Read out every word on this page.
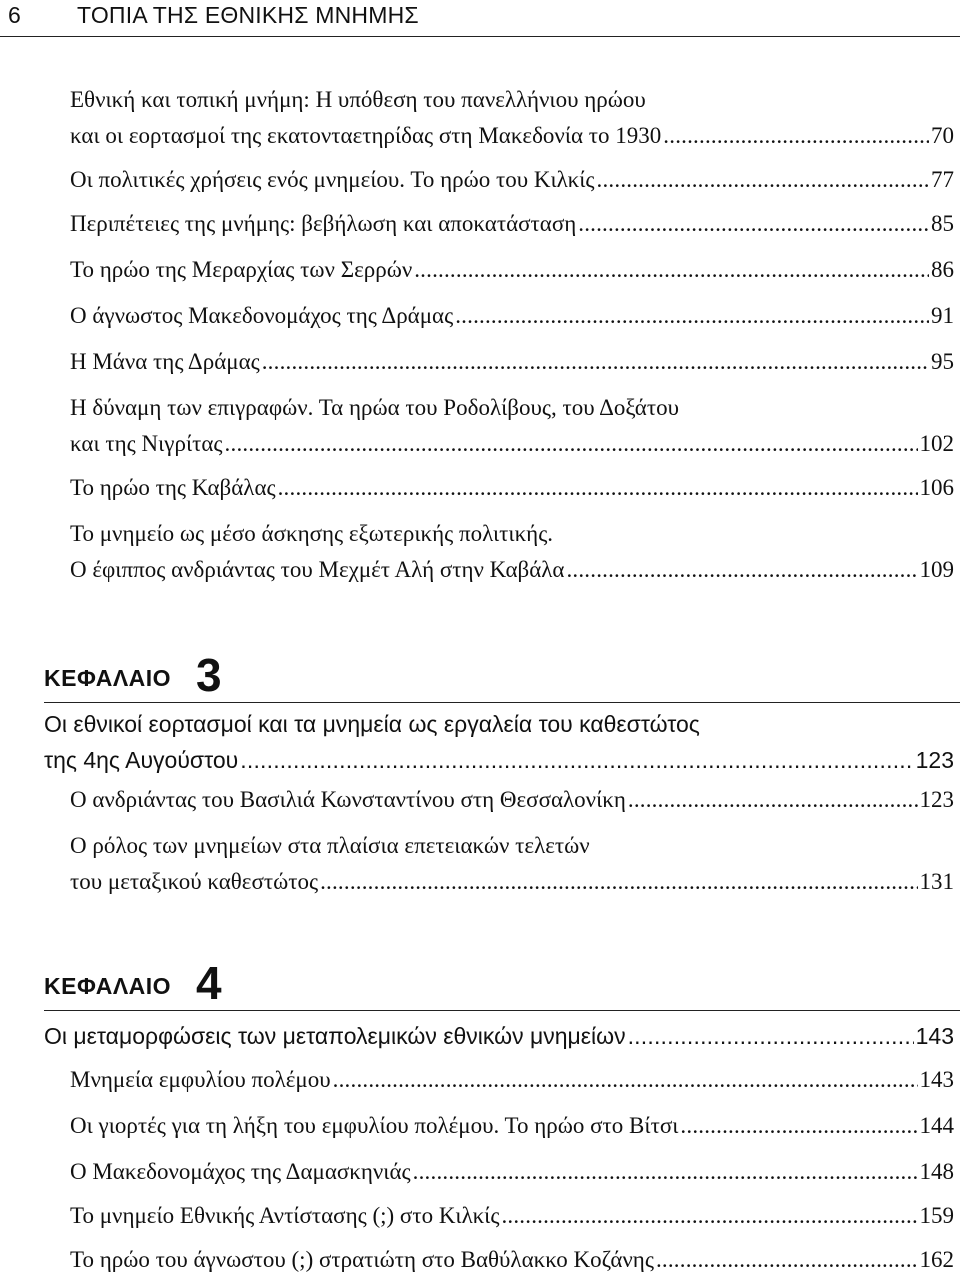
6 ΤΟΠΙΑ ΤΗΣ ΕΘΝΙΚΗΣ ΜΝΗΜΗΣ
Εθνική και τοπική μνήμη: Η υπόθεση του πανελλήνιου ηρώου
και οι εορτασμοί της εκατονταετηρίδας στη Μακεδονία το 1930 .....	70
Οι πολιτικές χρήσεις ενός μνημείου. Το ηρώο του Κιλκίς .....	77
Περιπέτειες της μνήμης: βεβήλωση και αποκατάσταση .....	85
Το ηρώο της Μεραρχίας των Σερρών .....	86
Ο άγνωστος Μακεδονομάχος της Δράμας .....	91
Η Μάνα της Δράμας .....	95
Η δύναμη των επιγραφών. Τα ηρώα του Ροδολίβους, του Δοξάτου
και της Νιγρίτας .....	102
Το ηρώο της Καβάλας .....	106
Το μνημείο ως μέσο άσκησης εξωτερικής πολιτικής.
Ο έφιππος ανδριάντας του Μεχμέτ Αλή στην Καβάλα .....	109
ΚΕΦΑΛΑΙΟ 3
Οι εθνικοί εορτασμοί και τα μνημεία ως εργαλεία του καθεστώτος
της 4ης Αυγούστου .....	123
Ο ανδριάντας του Βασιλιά Κωνσταντίνου στη Θεσσαλονίκη .....	123
Ο ρόλος των μνημείων στα πλαίσια επετειακών τελετών
του μεταξικού καθεστώτος .....	131
ΚΕΦΑΛΑΙΟ 4
Οι μεταμορφώσεις των μεταπολεμικών εθνικών μνημείων .....	143
Μνημεία εμφυλίου πολέμου .....	143
Οι γιορτές για τη λήξη του εμφυλίου πολέμου. Το ηρώο στο Βίτσι .....	144
Ο Μακεδονομάχος της Δαμασκηνιάς .....	148
Το μνημείο Εθνικής Αντίστασης (;) στο Κιλκίς .....	159
Το ηρώο του άγνωστου (;) στρατιώτη στο Βαθύλακκο Κοζάνης .....	162
